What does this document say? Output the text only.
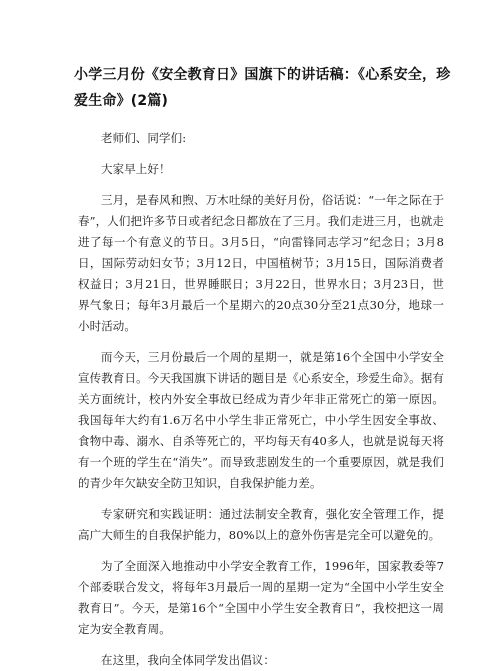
小学三月份《安全教育日》国旗下的讲话稿：《心系安全，珍爱生命》(2篇)

老师们、同学们:

大家早上好！

三月，是春风和煦、万木吐绿的美好月份，俗话说：“一年之际在于春”，人们把许多节日或者纪念日都放在了三月。我们走进三月，也就走进了每一个有意义的节日。3月5日，“向雷锋同志学习”纪念日；3月8日，国际劳动妇女节；3月12日，中国植树节；3月15日，国际消费者权益日；3月21日，世界睡眠日；3月22日，世界水日；3月23日，世界气象日；每年3月最后一个星期六的20点30分至21点30分，地球一小时活动。

而今天，三月份最后一个周的星期一，就是第16个全国中小学安全宣传教育日。今天我国旗下讲话的题目是《心系安全，珍爱生命》。据有关方面统计，校内外安全事故已经成为青少年非正常死亡的第一原因。我国每年大约有1.6万名中小学生非正常死亡，中小学生因安全事故、食物中毒、溺水、自杀等死亡的，平均每天有40多人，也就是说每天将有一个班的学生在“消失”。而导致悲剧发生的一个重要原因，就是我们的青少年欠缺安全防卫知识，自我保护能力差。

专家研究和实践证明：通过法制安全教育，强化安全管理工作，提高广大师生的自我保护能力，80%以上的意外伤害是完全可以避免的。

为了全面深入地推动中小学安全教育工作，1996年，国家教委等7个部委联合发文，将每年3月最后一周的星期一定为“全国中小学生安全教育日”。今天，是第16个“全国中小学生安全教育日”，我校把这一周定为安全教育周。

在这里，我向全体同学发出倡议：
